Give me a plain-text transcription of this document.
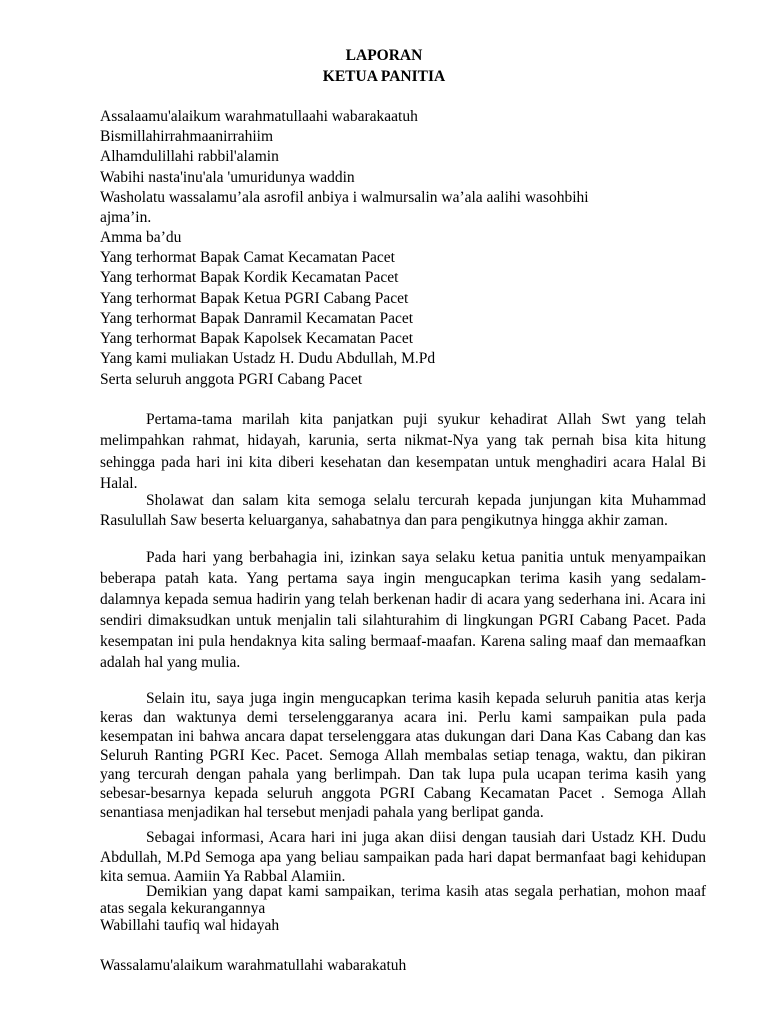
LAPORAN
KETUA PANITIA

Assalaamu'alaikum warahmatullaahi wabarakaatuh

Bismillahirrahmaanirrahiim

Alhamdulillahi rabbil'alamin

Wabihi nasta'inu'ala 'umuridunya waddin

Washolatu wassalamu’ala asrofil anbiya i walmursalin wa’ala aalihi wasohbihi

ajma’in.

Amma ba’du

Yang terhormat Bapak Camat Kecamatan Pacet

Yang terhormat Bapak Kordik Kecamatan Pacet

Yang terhormat Bapak Ketua PGRI Cabang Pacet

Yang terhormat Bapak Danramil Kecamatan Pacet

Yang terhormat Bapak Kapolsek Kecamatan Pacet

Yang kami muliakan Ustadz H. Dudu Abdullah, M.Pd

Serta seluruh anggota PGRI Cabang Pacet

Pertama-tama marilah kita panjatkan puji syukur kehadirat Allah Swt yang telah melimpahkan rahmat, hidayah, karunia, serta nikmat-Nya yang tak pernah bisa kita hitung sehingga pada hari ini kita diberi kesehatan dan kesempatan untuk menghadiri acara Halal Bi Halal.

Sholawat dan salam kita semoga selalu tercurah kepada junjungan kita Muhammad Rasulullah Saw beserta keluarganya, sahabatnya dan para pengikutnya hingga akhir zaman.

Pada hari yang berbahagia ini, izinkan saya selaku ketua panitia untuk menyampaikan beberapa patah kata. Yang pertama saya ingin mengucapkan terima kasih yang sedalam-dalamnya kepada semua hadirin yang telah berkenan hadir di acara yang sederhana ini. Acara ini sendiri dimaksudkan untuk menjalin tali silahturahim di lingkungan PGRI Cabang Pacet. Pada kesempatan ini pula hendaknya kita saling bermaaf-maafan. Karena saling maaf dan memaafkan adalah hal yang mulia.

Selain itu, saya juga ingin mengucapkan terima kasih kepada seluruh panitia atas kerja keras dan waktunya demi terselenggaranya acara ini. Perlu kami sampaikan pula pada kesempatan ini bahwa ancara dapat terselenggara atas dukungan dari Dana Kas Cabang dan kas Seluruh Ranting PGRI Kec. Pacet. Semoga Allah membalas setiap tenaga, waktu, dan pikiran yang tercurah dengan pahala yang berlimpah. Dan tak lupa pula ucapan terima kasih yang sebesar-besarnya kepada seluruh anggota PGRI Cabang Kecamatan Pacet . Semoga Allah senantiasa menjadikan hal tersebut menjadi pahala yang berlipat ganda.

Sebagai informasi, Acara hari ini juga akan diisi dengan tausiah dari Ustadz KH. Dudu Abdullah, M.Pd Semoga apa yang beliau sampaikan pada hari dapat bermanfaat bagi kehidupan kita semua. Aamiin Ya Rabbal Alamiin.

Demikian yang dapat kami sampaikan, terima kasih atas segala perhatian, mohon maaf atas segala kekurangannya

Wabillahi taufiq wal hidayah

Wassalamu'alaikum warahmatullahi wabarakatuh
